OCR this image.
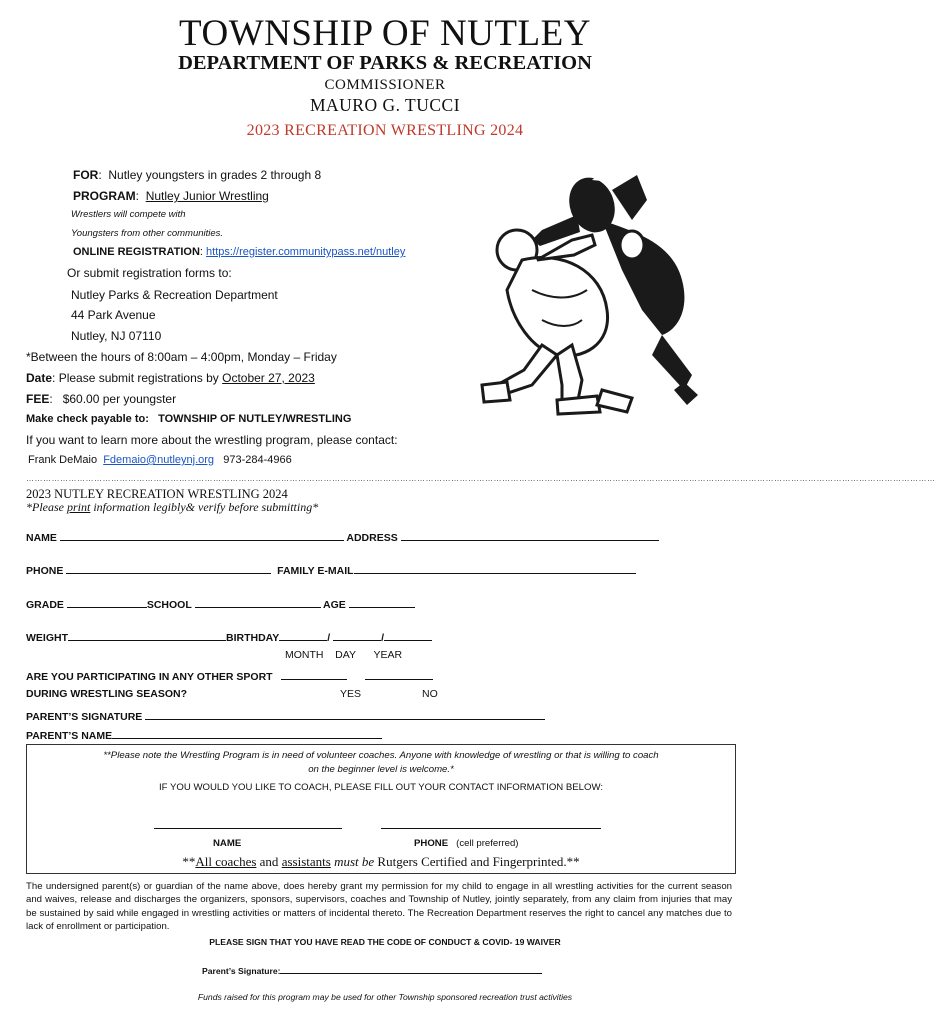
TOWNSHIP OF NUTLEY
DEPARTMENT OF PARKS & RECREATION
COMMISSIONER
MAURO G. TUCCI
2023 RECREATION WRESTLING 2024
FOR:  Nutley youngsters in grades 2 through 8
PROGRAM:  Nutley Junior Wrestling
Wrestlers will compete with
Youngsters from other communities.
ONLINE REGISTRATION: https://register.communitypass.net/nutley
Or submit registration forms to:
Nutley Parks & Recreation Department
44 Park Avenue
Nutley, NJ 07110
*Between the hours of 8:00am – 4:00pm, Monday – Friday
Date: Please submit registrations by October 27, 2023
FEE:   $60.00 per youngster
Make check payable to: TOWNSHIP OF NUTLEY/WRESTLING
If you want to learn more about the wrestling program, please contact:
Frank DeMaio Fdemaio@nutleynj.org 973-284-4966
……………………………………………………………………………………………………………………………………………………………………………………………………………………………………………………………………………………………
2023 NUTLEY RECREATION WRESTLING 2024
*Please print information legibly& verify before submitting*
NAME	ADDRESS
PHONE	FAMILY E-MAIL
GRADE	SCHOOL	AGE
WEIGHT	BIRTHDAY	/	/
MONTH DAY YEAR
ARE YOU PARTICIPATING IN ANY OTHER SPORT
DURING WRESTLING SEASON?	YES	NO
PARENT’S SIGNATURE
PARENT’S NAME
**Please note the Wrestling Program is in need of volunteer coaches. Anyone with knowledge of wrestling or that is willing to coach
on the beginner level is welcome.*
IF YOU WOULD YOU LIKE TO COACH, PLEASE FILL OUT YOUR CONTACT INFORMATION BELOW:
NAME	PHONE (cell preferred)
**All coaches and assistants must be Rutgers Certified and Fingerprinted.**
The undersigned parent(s) or guardian of the name above, does hereby grant my permission for my child to engage in all wrestling activities for the current season and waives, release and discharges the organizers, sponsors, supervisors, coaches and Township of Nutley, jointly separately, from any claim from injuries that may be sustained by said while engaged in wrestling activities or matters of incidental thereto. The Recreation Department reserves the right to cancel any matches due to lack of enrollment or participation.
PLEASE SIGN THAT YOU HAVE READ THE CODE OF CONDUCT & COVID- 19 WAIVER
Parent’s Signature:
Funds raised for this program may be used for other Township sponsored recreation trust activities
